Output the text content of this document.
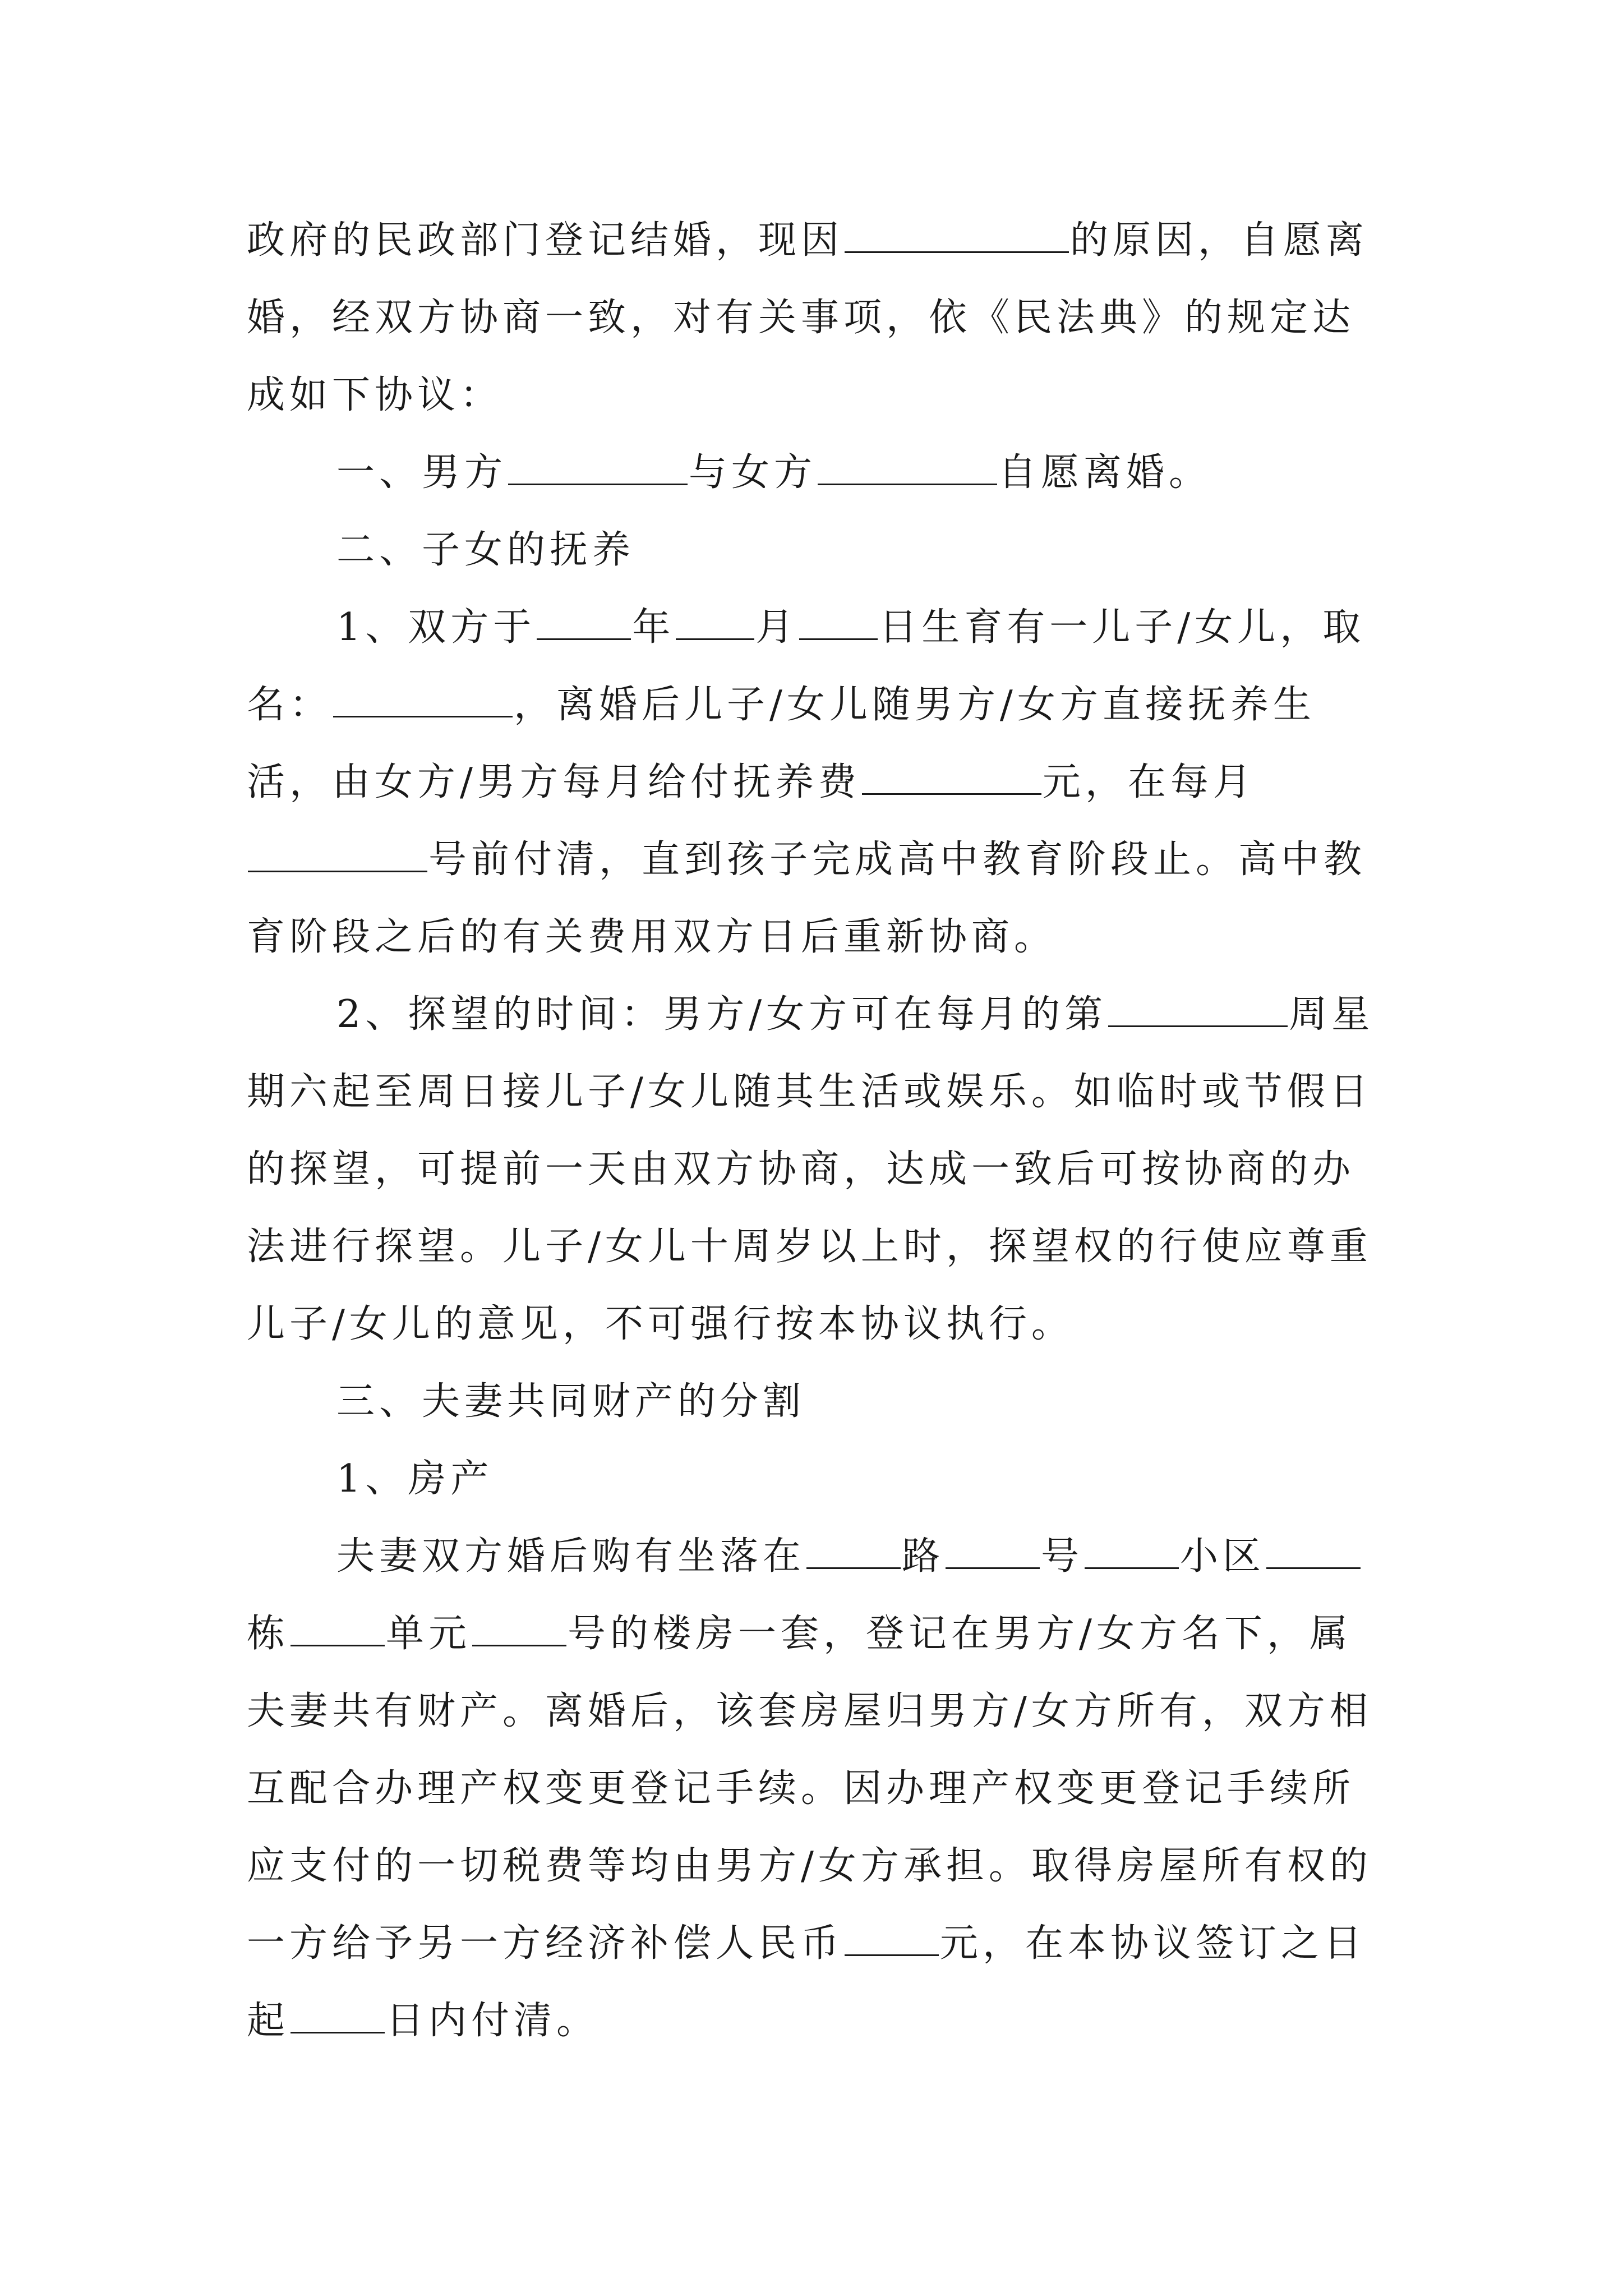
政府的民政部门登记结婚，现因	的原因，自愿离婚，经双方协商一致，对有关事项，依《民法典》的规定达成如下协议：

一、男方	与女方	自愿离婚。

二、子女的抚养

1、双方于	年 月 日生育有一儿子/女儿，取名：	，离婚后儿子/女儿随男方/女方直接抚养生活，由女方/男方每月给付抚养费	元，在每月号前付清，直到孩子完成高中教育阶段止。高中教育阶段之后的有关费用双方日后重新协商。

2、探望的时间：男方/女方可在每月的第	周星期六起至周日接儿子/女儿随其生活或娱乐。如临时或节假日的探望，可提前一天由双方协商，达成一致后可按协商的办法进行探望。儿子/女儿十周岁以上时，探望权的行使应尊重儿子/女儿的意见，不可强行按本协议执行。

三、夫妻共同财产的分割

1、房产

夫妻双方婚后购有坐落在	路	号	小区栋	单元	号的楼房一套，登记在男方/女方名下，属夫妻共有财产。离婚后，该套房屋归男方/女方所有，双方相互配合办理产权变更登记手续。因办理产权变更登记手续所应支付的一切税费等均由男方/女方承担。取得房屋所有权的一方给予另一方经济补偿人民币	元，在本协议签订之日起	日内付清。
